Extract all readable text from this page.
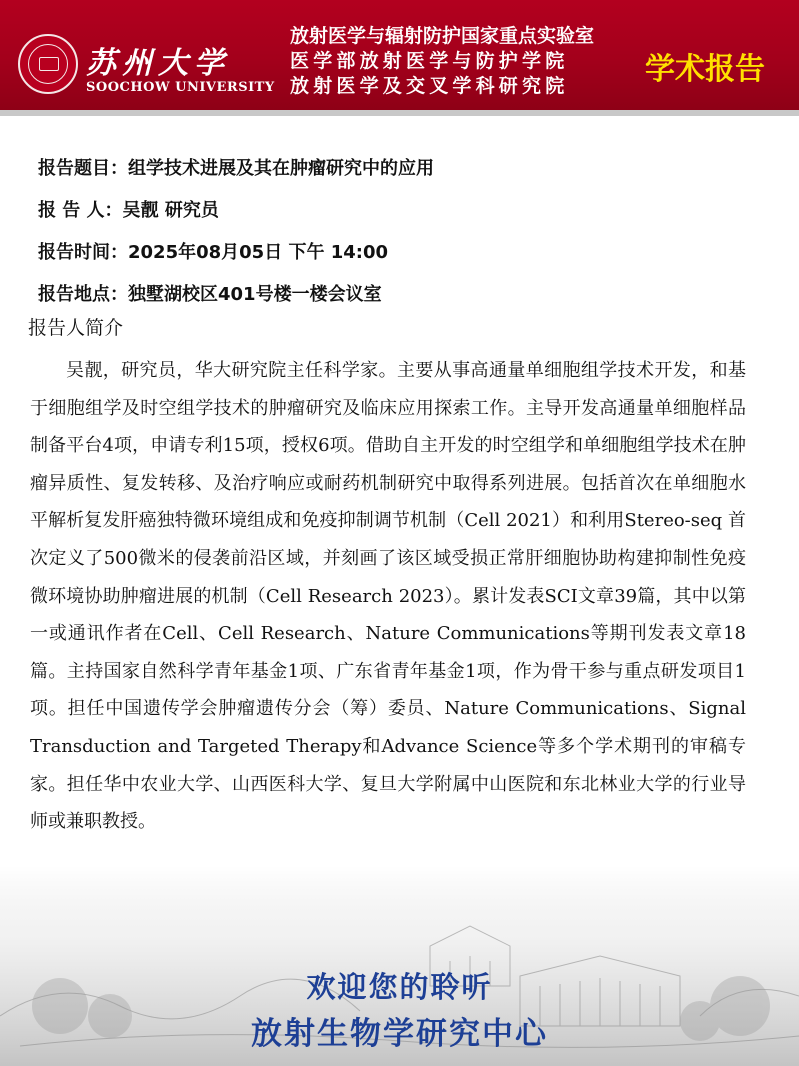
苏州大学
SOOCHOW UNIVERSITY
放射医学与辐射防护国家重点实验室
医学部放射医学与防护学院
放射医学及交叉学科研究院	学术报告
报告题目：组学技术进展及其在肿瘤研究中的应用
报 告 人：吴靓 研究员
报告时间：2025年08月05日 下午 14:00
报告地点：独墅湖校区401号楼一楼会议室
报告人简介
吴靓，研究员，华大研究院主任科学家。主要从事高通量单细胞组学技术开发，和基于细胞组学及时空组学技术的肿瘤研究及临床应用探索工作。主导开发高通量单细胞样品制备平台4项，申请专利15项，授权6项。借助自主开发的时空组学和单细胞组学技术在肿瘤异质性、复发转移、及治疗响应或耐药机制研究中取得系列进展。包括首次在单细胞水平解析复发肝癌独特微环境组成和免疫抑制调节机制（Cell 2021）和利用Stereo-seq 首次定义了500微米的侵袭前沿区域，并刻画了该区域受损正常肝细胞协助构建抑制性免疫微环境协助肿瘤进展的机制（Cell Research 2023）。累计发表SCI文章39篇，其中以第一或通讯作者在Cell、Cell Research、Nature Communications等期刊发表文章18篇。主持国家自然科学青年基金1项、广东省青年基金1项，作为骨干参与重点研发项目1项。担任中国遗传学会肿瘤遗传分会（筹）委员、Nature Communications、Signal Transduction and Targeted Therapy和Advance Science等多个学术期刊的审稿专家。担任华中农业大学、山西医科大学、复旦大学附属中山医院和东北林业大学的行业导师或兼职教授。
欢迎您的聆听
放射生物学研究中心
